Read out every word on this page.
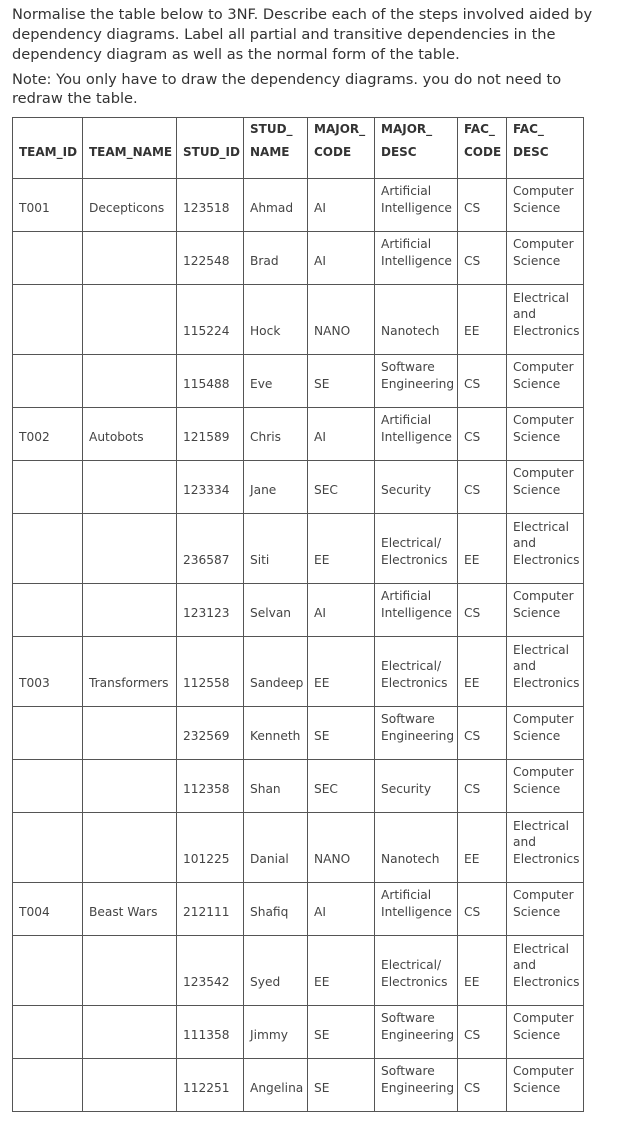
Normalise the table below to 3NF. Describe each of the steps involved aided by dependency diagrams. Label all partial and transitive dependencies in the dependency diagram as well as the normal form of the table.

Note: You only have to draw the dependency diagrams. you do not need to redraw the table.

TEAM_ID	TEAM_NAME	STUD_ID	STUD_
NAME	MAJOR_
CODE	MAJOR_
DESC	FAC_
CODE	FAC_
DESC
T001	Decepticons	123518	Ahmad	AI	Artificial
Intelligence	CS	Computer
Science
		122548	Brad	AI	Artificial
Intelligence	CS	Computer
Science
		115224	Hock	NANO	Nanotech	EE	Electrical
and
Electronics
		115488	Eve	SE	Software
Engineering	CS	Computer
Science
T002	Autobots	121589	Chris	AI	Artificial
Intelligence	CS	Computer
Science
		123334	Jane	SEC	Security	CS	Computer
Science
		236587	Siti	EE	Electrical/
Electronics	EE	Electrical
and
Electronics
		123123	Selvan	AI	Artificial
Intelligence	CS	Computer
Science
T003	Transformers	112558	Sandeep	EE	Electrical/
Electronics	EE	Electrical
and
Electronics
		232569	Kenneth	SE	Software
Engineering	CS	Computer
Science
		112358	Shan	SEC	Security	CS	Computer
Science
		101225	Danial	NANO	Nanotech	EE	Electrical
and
Electronics
T004	Beast Wars	212111	Shafiq	AI	Artificial
Intelligence	CS	Computer
Science
		123542	Syed	EE	Electrical/
Electronics	EE	Electrical
and
Electronics
		111358	Jimmy	SE	Software
Engineering	CS	Computer
Science
		112251	Angelina	SE	Software
Engineering	CS	Computer
Science
